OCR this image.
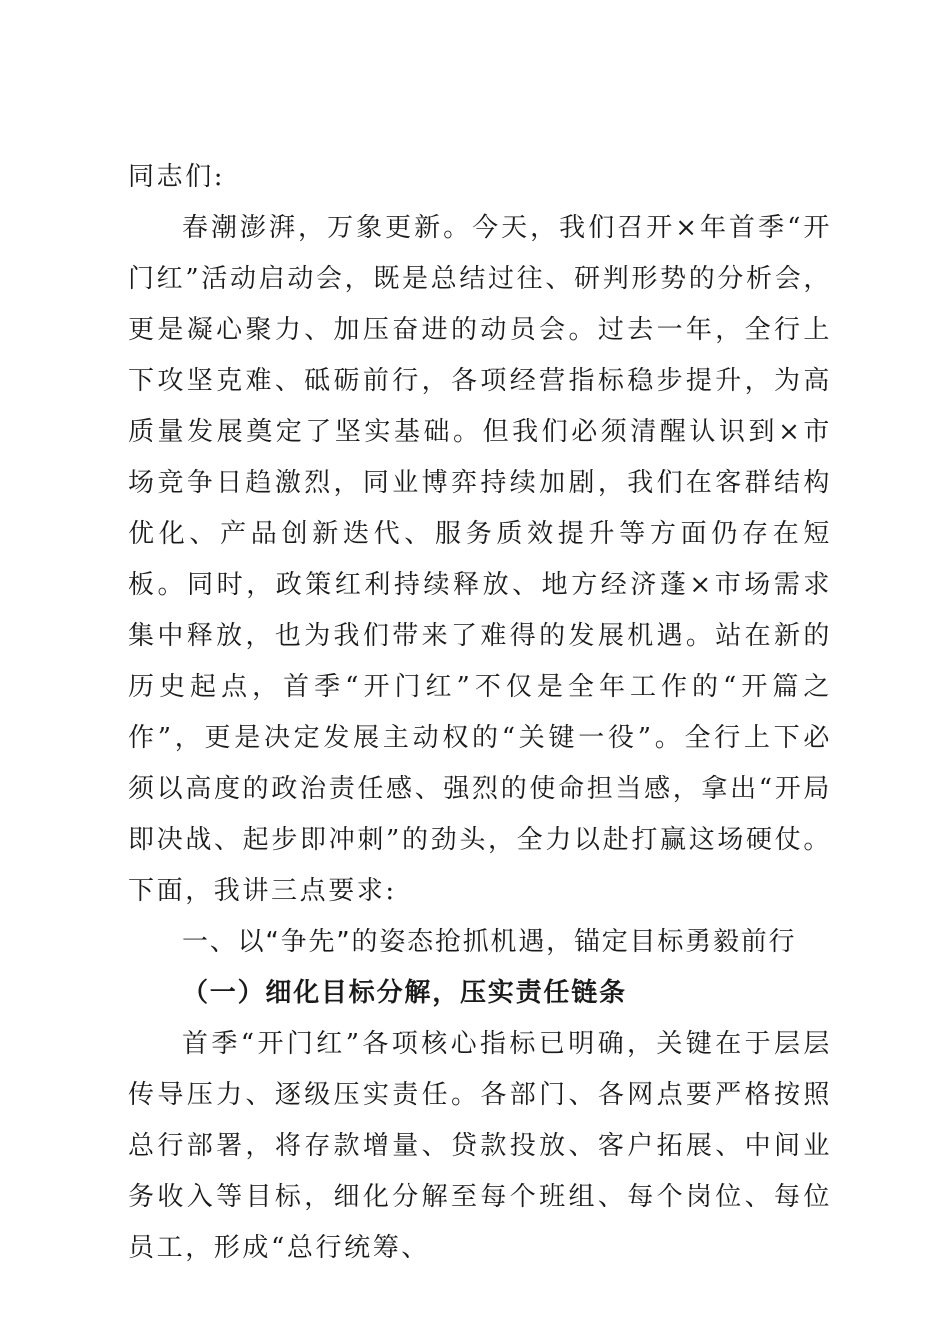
同志们:

春潮澎湃，万象更新。今天，我们召开×年首季“开门红”活动启动会，既是总结过往、研判形势的分析会，更是凝心聚力、加压奋进的动员会。过去一年，全行上下攻坚克难、砥砺前行，各项经营指标稳步提升，为高质量发展奠定了坚实基础。但我们必须清醒认识到×市场竞争日趋激烈，同业博弈持续加剧，我们在客群结构优化、产品创新迭代、服务质效提升等方面仍存在短板。同时，政策红利持续释放、地方经济蓬×市场需求集中释放，也为我们带来了难得的发展机遇。站在新的历史起点，首季“开门红”不仅是全年工作的“开篇之作”，更是决定发展主动权的“关键一役”。全行上下必须以高度的政治责任感、强烈的使命担当感，拿出“开局即决战、起步即冲刺”的劲头，全力以赴打赢这场硬仗。下面，我讲三点要求:

一、以“争先”的姿态抢抓机遇，锚定目标勇毅前行

（一）细化目标分解，压实责任链条

首季“开门红”各项核心指标已明确，关键在于层层传导压力、逐级压实责任。各部门、各网点要严格按照总行部署，将存款增量、贷款投放、客户拓展、中间业务收入等目标，细化分解至每个班组、每个岗位、每位员工，形成“总行统筹、
